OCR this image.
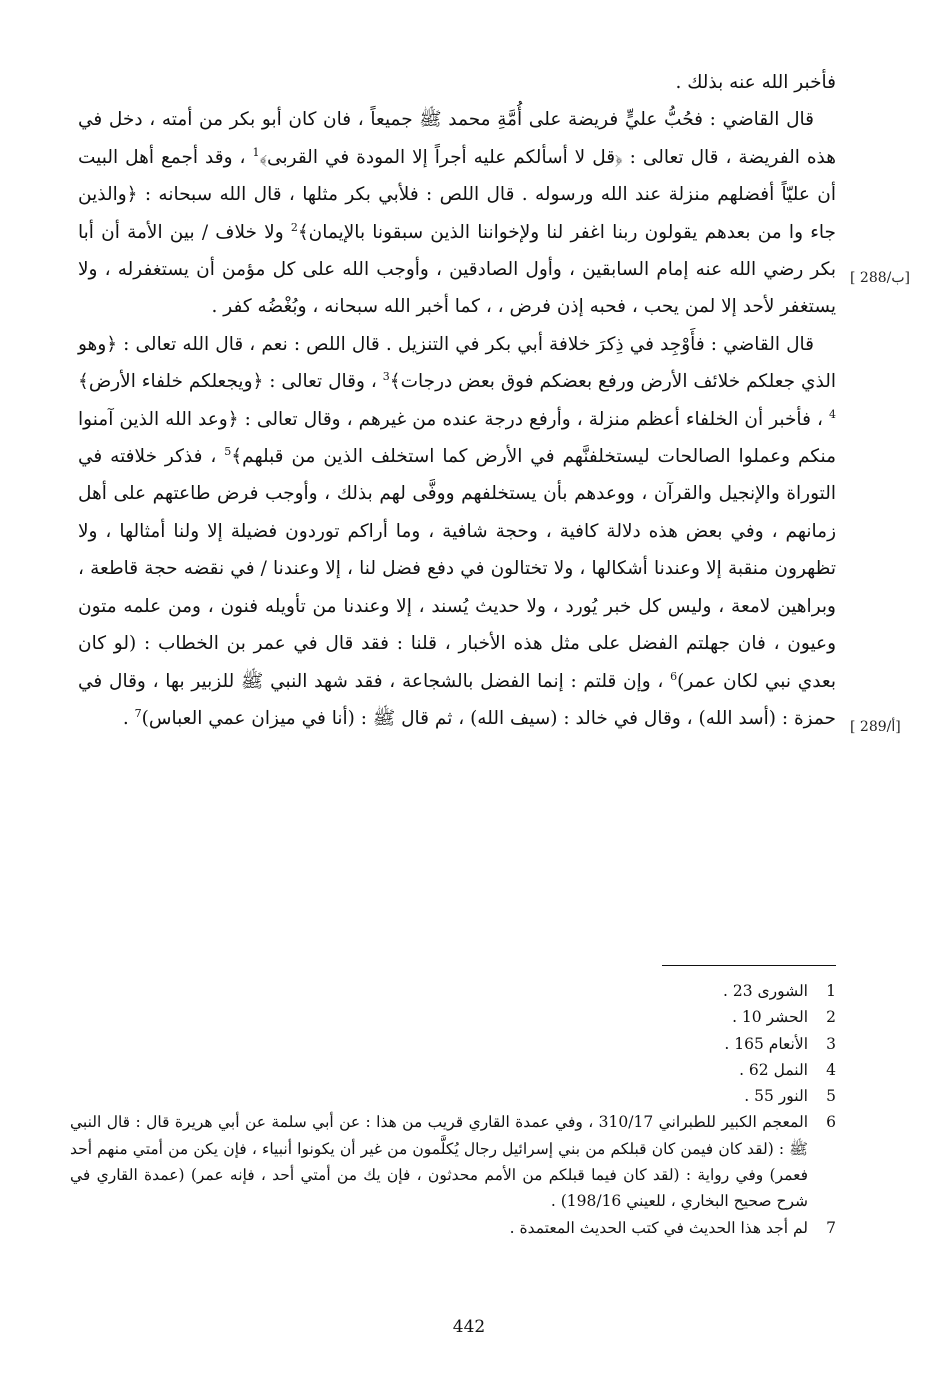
فأخبر الله عنه بذلك .

قال القاضي : فحُبُّ عليٍّ فريضة على أُمَّةِ محمد ﷺ جميعاً ، فان كان أبو بكر من أمته ، دخل في هذه الفريضة ، قال تعالى : ﴿قل لا أسألكم عليه أجراً إلا المودة في القربى﴾$^1$ ، وقد أجمع أهل البيت أن عليّاً أفضلهم منزلة عند الله ورسوله . قال اللص : فلأبي بكر مثلها ، قال الله سبحانه : ﴿والذين جاء وا من بعدهم يقولون ربنا اغفر لنا ولإخواننا الذين سبقونا بالإيمان﴾$^2$ ولا خلاف / بين الأمة أن أبا بكر رضي الله عنه إمام السابقين ، وأول الصادقين ، وأوجب الله على كل مؤمن أن يستغفرله ، ولا يستغفر لأحد إلا لمن يحب ، فحبه إذن فرض ، ، كما أخبر الله سبحانه ، وبُغْضُه كفر .

قال القاضي : فأَوْجِد في ذِكرَ خلافة أبي بكر في التنزيل . قال اللص : نعم ، قال الله تعالى : ﴿وهو الذي جعلكم خلائف الأرض ورفع بعضكم فوق بعض درجات﴾$^3$ ، وقال تعالى : ﴿ويجعلكم خلفاء الأرض﴾$^4$ ، فأخبر أن الخلفاء أعظم منزلة ، وأرفع درجة عنده من غيرهم ، وقال تعالى : ﴿وعد الله الذين آمنوا منكم وعملوا الصالحات ليستخلفنَّهم في الأرض كما استخلف الذين من قبلهم﴾$^5$ ، فذكر خلافته في التوراة والإنجيل والقرآن ، ووعدهم بأن يستخلفهم ووفَّى لهم بذلك ، وأوجب فرض طاعتهم على أهل زمانهم ، وفي بعض هذه دلالة كافية ، وحجة شافية ، وما أراكم توردون فضيلة إلا ولنا أمثالها ، ولا تظهرون منقبة إلا وعندنا أشكالها ، ولا تختالون في دفع فضل لنا ، إلا وعندنا / في نقضه حجة قاطعة ، وبراهين لامعة ، وليس كل خبر يُورد ، ولا حديث يُسند ، إلا وعندنا من تأويله فنون ، ومن علمه متون وعيون ، فان جهلتم الفضل على مثل هذه الأخبار ، قلنا : فقد قال في عمر بن الخطاب : (لو كان بعدي نبي لكان عمر)$^6$ ، وإن قلتم : إنما الفضل بالشجاعة ، فقد شهد النبي ﷺ للزبير بها ، وقال في حمزة : (أسد الله) ، وقال في خالد : (سيف الله) ، ثم قال ﷺ : (أنا في ميزان عمي العباس)$^7$ .

[ 288/ب]
[ 289/أ]
1
الشورى 23 .
2
الحشر 10 .
3
الأنعام 165 .
4
النمل 62 .
5
النور 55 .
6
المعجم الكبير للطبراني 310/17 ، وفي عمدة القاري قريب من هذا : عن أبي سلمة عن أبي هريرة قال : قال النبي ﷺ : (لقد كان فيمن كان قبلكم من بني إسرائيل رجال يُكلَّمون من غير أن يكونوا أنبياء ، فإن يكن من أمتي منهم أحد فعمر) وفي رواية : (لقد كان فيما قبلكم من الأمم محدثون ، فإن يك من أمتي أحد ، فإنه عمر) (عمدة القاري في شرح صحيح البخاري ، للعيني 198/16) .
7
لم أجد هذا الحديث في كتب الحديث المعتمدة .
442
